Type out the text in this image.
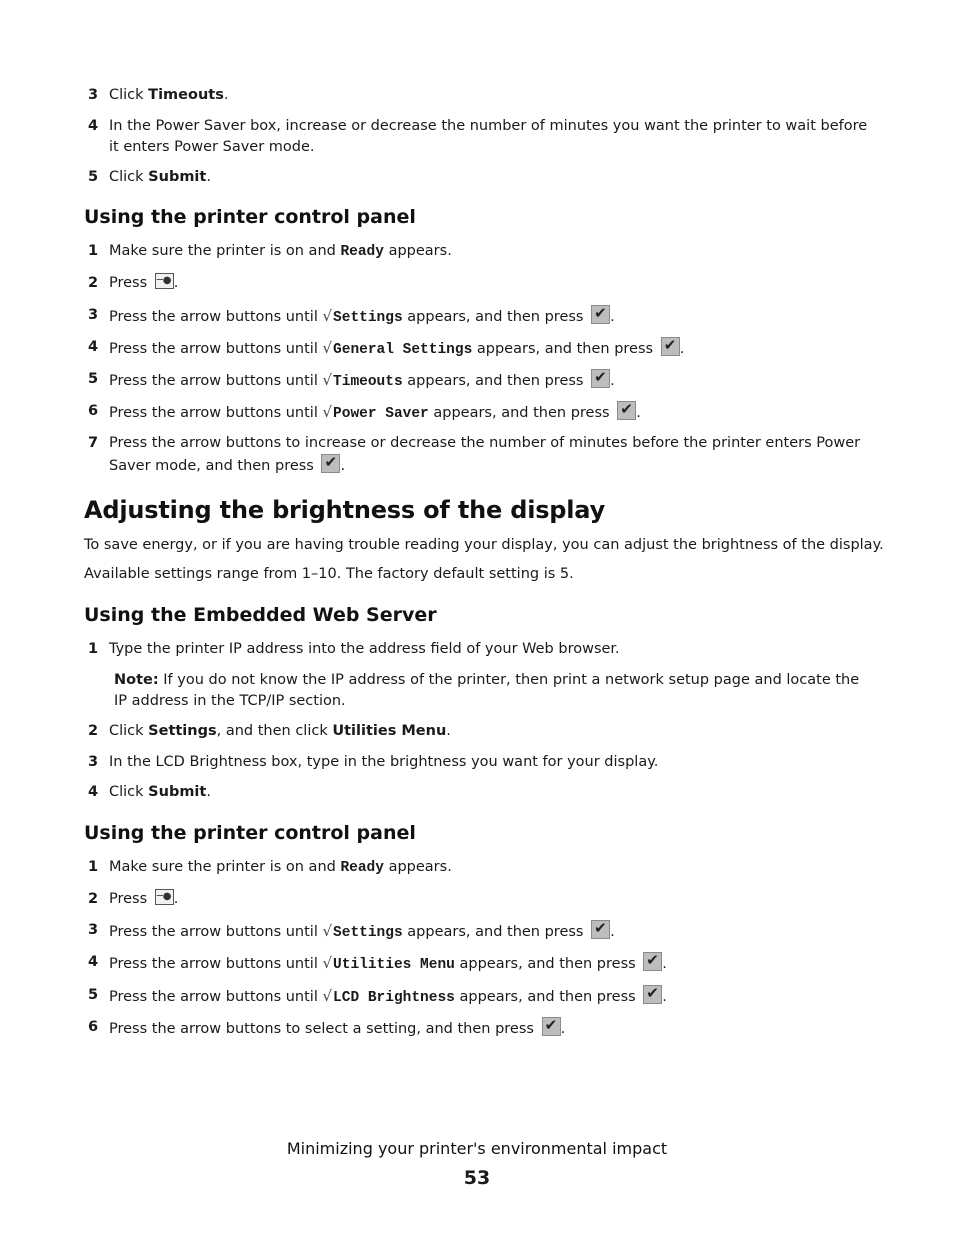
3 Click Timeouts.
4 In the Power Saver box, increase or decrease the number of minutes you want the printer to wait before it enters Power Saver mode.
5 Click Submit.
Using the printer control panel
1 Make sure the printer is on and Ready appears.
2 Press ─●.
3 Press the arrow buttons until √Settings appears, and then press ✔.
4 Press the arrow buttons until √General Settings appears, and then press ✔.
5 Press the arrow buttons until √Timeouts appears, and then press ✔.
6 Press the arrow buttons until √Power Saver appears, and then press ✔.
7 Press the arrow buttons to increase or decrease the number of minutes before the printer enters Power Saver mode, and then press ✔.
Adjusting the brightness of the display
To save energy, or if you are having trouble reading your display, you can adjust the brightness of the display.
Available settings range from 1–10. The factory default setting is 5.
Using the Embedded Web Server
1 Type the printer IP address into the address field of your Web browser.
Note: If you do not know the IP address of the printer, then print a network setup page and locate the IP address in the TCP/IP section.
2 Click Settings, and then click Utilities Menu.
3 In the LCD Brightness box, type in the brightness you want for your display.
4 Click Submit.
Using the printer control panel
1 Make sure the printer is on and Ready appears.
2 Press ─●.
3 Press the arrow buttons until √Settings appears, and then press ✔.
4 Press the arrow buttons until √Utilities Menu appears, and then press ✔.
5 Press the arrow buttons until √LCD Brightness appears, and then press ✔.
6 Press the arrow buttons to select a setting, and then press ✔.
Minimizing your printer's environmental impact
53
